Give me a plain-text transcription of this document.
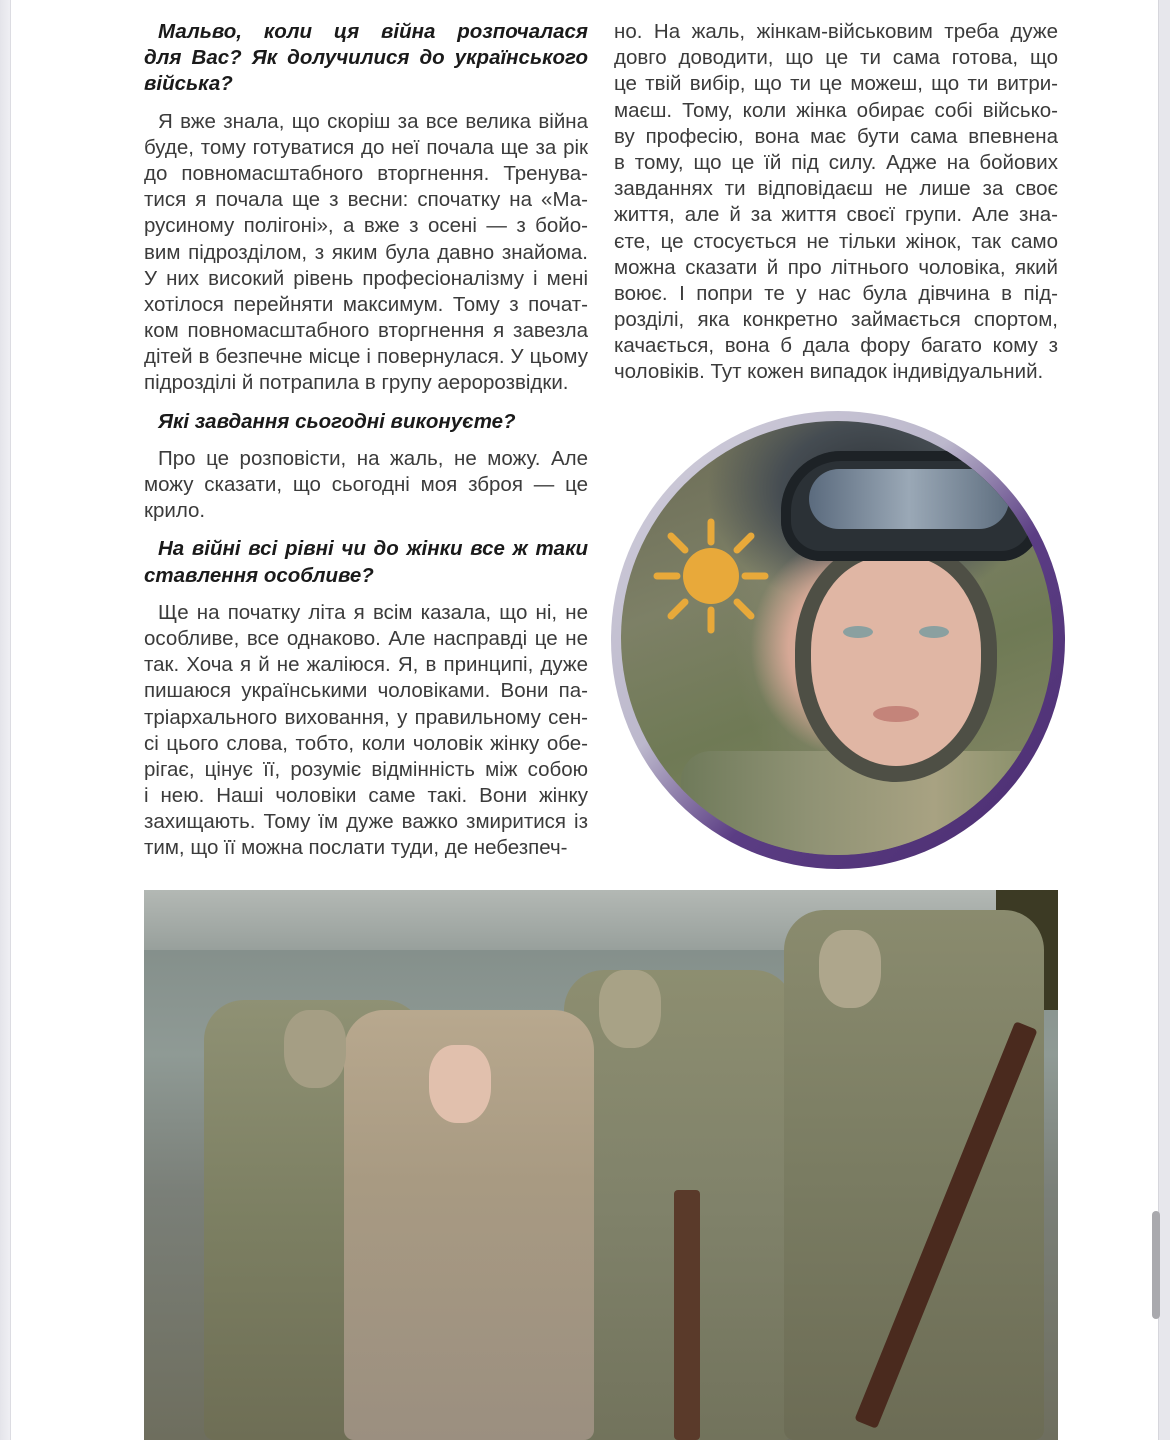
Мальво, коли ця війна розпочалася
для Вас? Як долучилися до українського
війська?
Я вже знала, що скоріш за все велика війна
буде, тому готуватися до неї почала ще за рік
до повномасштабного вторгнення. Тренува-
тися я почала ще з весни: спочатку на «Ма-
русиному полігоні», а вже з осені — з бойо-
вим підрозділом, з яким була давно знайома.
У них високий рівень професіоналізму і мені
хотілося перейняти максимум. Тому з почат-
ком повномасштабного вторгнення я завезла
дітей в безпечне місце і повернулася. У цьому
підрозділі й потрапила в групу аеророзвідки.
Які завдання сьогодні виконуєте?
Про це розповісти, на жаль, не можу. Але
можу сказати, що сьогодні моя зброя — це
крило.
На війні всі рівні чи до жінки все ж таки
ставлення особливе?
Ще на початку літа я всім казала, що ні, не
особливе, все однаково. Але насправді це не
так. Хоча я й не жаліюся. Я, в принципі, дуже
пишаюся українськими чоловіками. Вони па-
тріархального виховання, у правильному сен-
сі цього слова, тобто, коли чоловік жінку обе-
рігає, цінує її, розуміє відмінність між собою
і нею. Наші чоловіки саме такі. Вони жінку
захищають. Тому їм дуже важко змиритися із
тим, що її можна послати туди, де небезпеч-
но. На жаль, жінкам-військовим треба дуже
довго доводити, що це ти сама готова, що
це твій вибір, що ти це можеш, що ти витри-
маєш. Тому, коли жінка обирає собі військо-
ву професію, вона має бути сама впевнена
в тому, що це їй під силу. Адже на бойових
завданнях ти відповідаєш не лише за своє
життя, але й за життя своєї групи. Але зна-
єте, це стосується не тільки жінок, так само
можна сказати й про літнього чоловіка, який
воює. І попри те у нас була дівчина в під-
розділі, яка конкретно займається спортом,
качається, вона б дала фору багато кому з
чоловіків. Тут кожен випадок індивідуальний.
